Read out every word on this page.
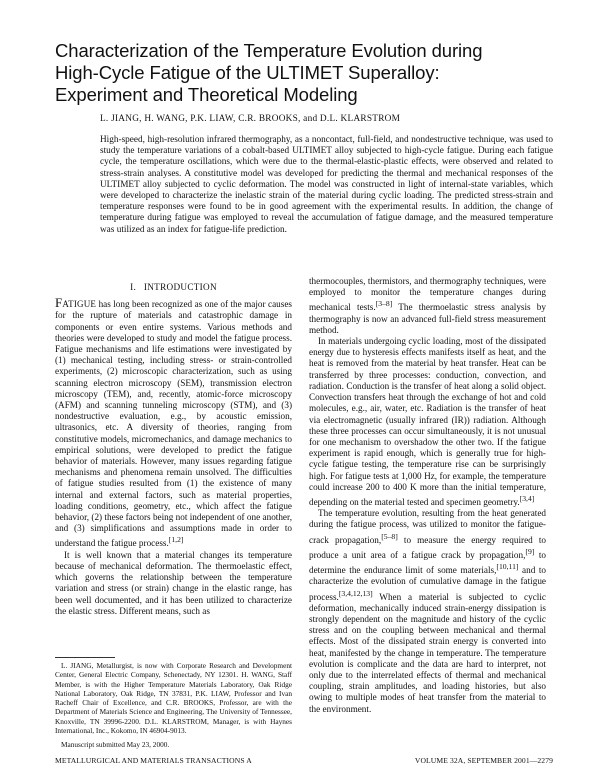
Characterization of the Temperature Evolution during
High-Cycle Fatigue of the ULTIMET Superalloy:
Experiment and Theoretical Modeling
L. JIANG, H. WANG, P.K. LIAW, C.R. BROOKS, and D.L. KLARSTROM

High-speed, high-resolution infrared thermography, as a noncontact, full-field, and nondestructive technique, was used to study the temperature variations of a cobalt-based ULTIMET alloy subjected to high-cycle fatigue. During each fatigue cycle, the temperature oscillations, which were due to the thermal-elastic-plastic effects, were observed and related to stress-strain analyses. A constitutive model was developed for predicting the thermal and mechanical responses of the ULTIMET alloy subjected to cyclic deformation. The model was constructed in light of internal-state variables, which were developed to characterize the inelastic strain of the material during cyclic loading. The predicted stress-strain and temperature responses were found to be in good agreement with the experimental results. In addition, the change of temperature during fatigue was employed to reveal the accumulation of fatigue damage, and the measured temperature was utilized as an index for fatigue-life prediction.

I. INTRODUCTION

Fatigue has long been recognized as one of the major causes for the rupture of materials and catastrophic damage in components or even entire systems. Various methods and theories were developed to study and model the fatigue process. Fatigue mechanisms and life estimations were investigated by (1) mechanical testing, including stress- or strain-controlled experiments, (2) microscopic characterization, such as using scanning electron microscopy (SEM), transmission electron microscopy (TEM), and, recently, atomic-force microscopy (AFM) and scanning tunneling microscopy (STM), and (3) nondestructive evaluation, e.g., by acoustic emission, ultrasonics, etc. A diversity of theories, ranging from constitutive models, micromechanics, and damage mechanics to empirical solutions, were developed to predict the fatigue behavior of materials. However, many issues regarding fatigue mechanisms and phenomena remain unsolved. The difficulties of fatigue studies resulted from (1) the existence of many internal and external factors, such as material properties, loading conditions, geometry, etc., which affect the fatigue behavior, (2) these factors being not independent of one another, and (3) simplifications and assumptions made in order to understand the fatigue process.[1,2]

It is well known that a material changes its temperature because of mechanical deformation. The thermoelastic effect, which governs the relationship between the temperature variation and stress (or strain) change in the elastic range, has been well documented, and it has been utilized to characterize the elastic stress. Different means, such as

thermocouples, thermistors, and thermography techniques, were employed to monitor the temperature changes during mechanical tests.[3–8] The thermoelastic stress analysis by thermography is now an advanced full-field stress measurement method.

In materials undergoing cyclic loading, most of the dissipated energy due to hysteresis effects manifests itself as heat, and the heat is removed from the material by heat transfer. Heat can be transferred by three processes: conduction, convection, and radiation. Conduction is the transfer of heat along a solid object. Convection transfers heat through the exchange of hot and cold molecules, e.g., air, water, etc. Radiation is the transfer of heat via electromagnetic (usually infrared (IR)) radiation. Although these three processes can occur simultaneously, it is not unusual for one mechanism to overshadow the other two. If the fatigue experiment is rapid enough, which is generally true for high-cycle fatigue testing, the temperature rise can be surprisingly high. For fatigue tests at 1,000 Hz, for example, the temperature could increase 200 to 400 K more than the initial temperature, depending on the material tested and specimen geometry.[3,4]

The temperature evolution, resulting from the heat generated during the fatigue process, was utilized to monitor the fatigue-crack propagation,[5–8] to measure the energy required to produce a unit area of a fatigue crack by propagation,[9] to determine the endurance limit of some materials,[10,11] and to characterize the evolution of cumulative damage in the fatigue process.[3,4,12,13] When a material is subjected to cyclic deformation, mechanically induced strain-energy dissipation is strongly dependent on the magnitude and history of the cyclic stress and on the coupling between mechanical and thermal effects. Most of the dissipated strain energy is converted into heat, manifested by the change in temperature. The temperature evolution is complicate and the data are hard to interpret, not only due to the interrelated effects of thermal and mechanical coupling, strain amplitudes, and loading histories, but also owing to multiple modes of heat transfer from the material to the environment.

L. JIANG, Metallurgist, is now with Corporate Research and Development Center, General Electric Company, Schenectady, NY 12301. H. WANG, Staff Member, is with the Higher Temperature Materials Laboratory, Oak Ridge National Laboratory, Oak Ridge, TN 37831, P.K. LIAW, Professor and Ivan Racheff Chair of Excellence, and C.R. BROOKS, Professor, are with the Department of Materials Science and Engineering, The University of Tennessee, Knoxville, TN 39996-2200. D.L. KLARSTROM, Manager, is with Haynes International, Inc., Kokomo, IN 46904-9013.

Manuscript submitted May 23, 2000.

METALLURGICAL AND MATERIALS TRANSACTIONS A	VOLUME 32A, SEPTEMBER 2001—2279
